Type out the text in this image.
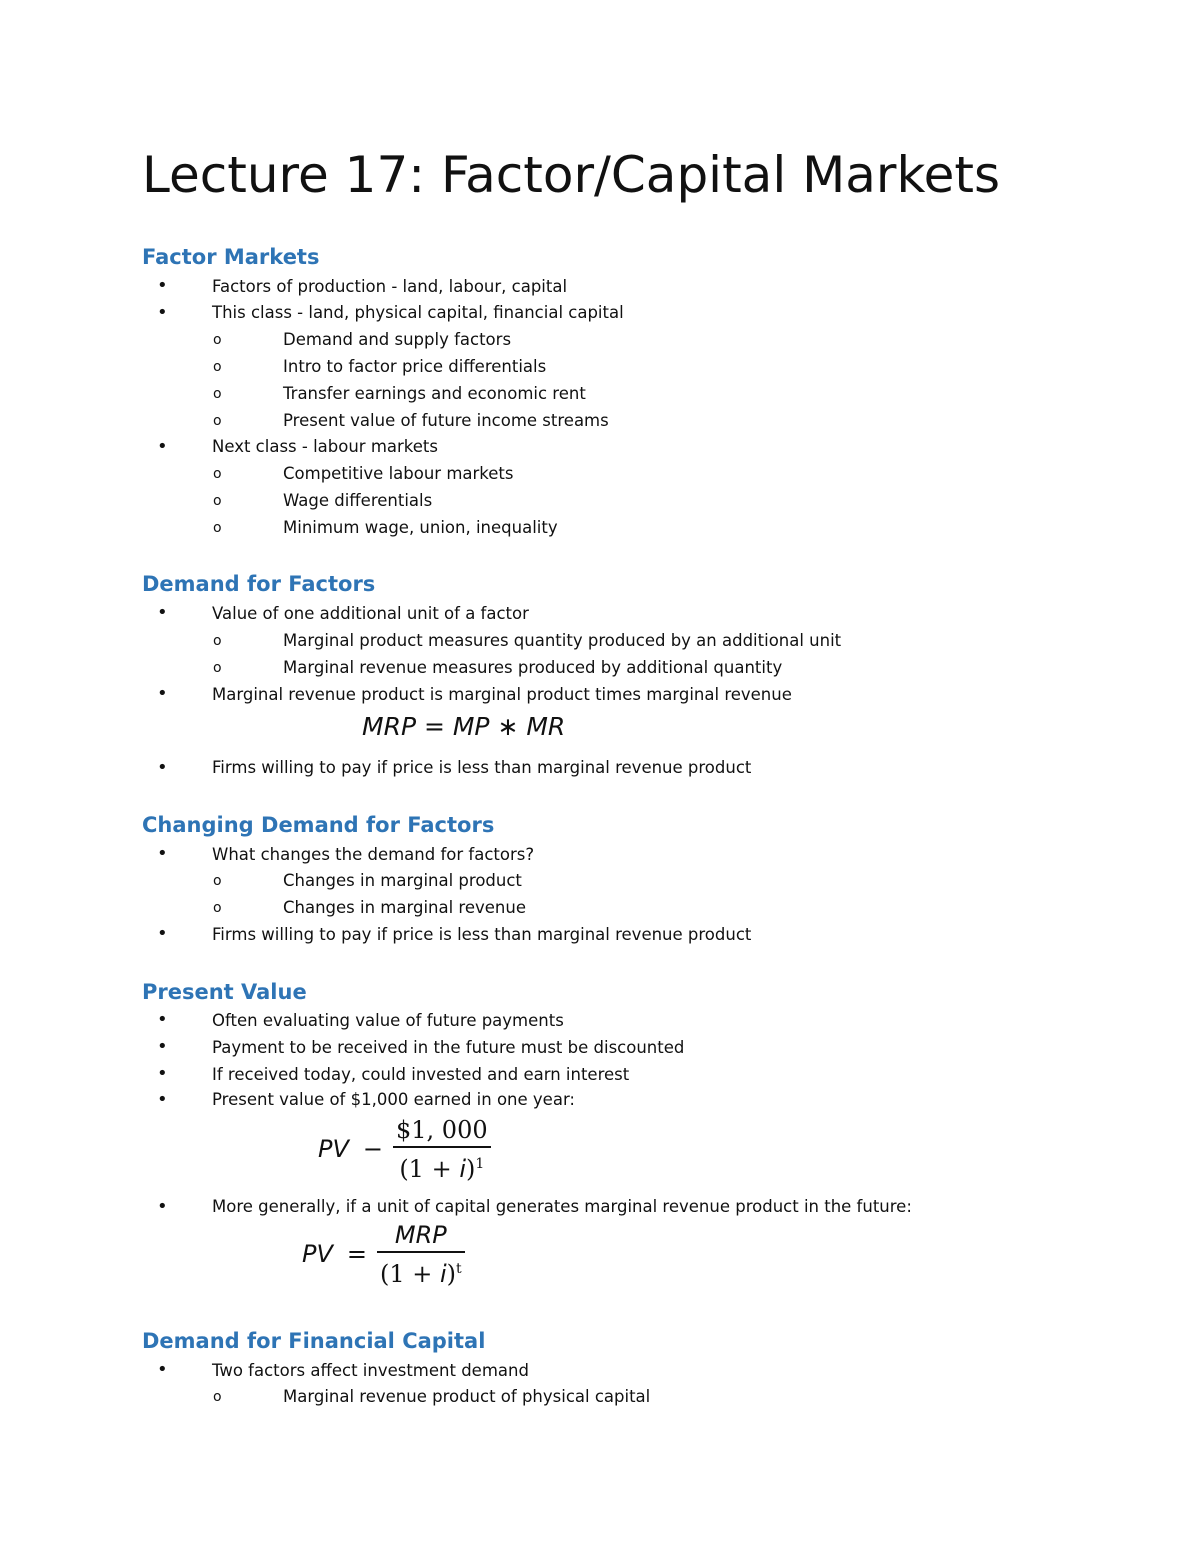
Lecture 17: Factor/Capital Markets
Factor Markets
•	Factors of production - land, labour, capital
•	This class - land, physical capital, financial capital
o	Demand and supply factors
o	Intro to factor price differentials
o	Transfer earnings and economic rent
o	Present value of future income streams
•	Next class - labour markets
o	Competitive labour markets
o	Wage differentials
o	Minimum wage, union, inequality
Demand for Factors
•	Value of one additional unit of a factor
o	Marginal product measures quantity produced by an additional unit
o	Marginal revenue measures produced by additional quantity
•	Marginal revenue product is marginal product times marginal revenue
MRP = MP ∗ MR
•	Firms willing to pay if price is less than marginal revenue product
Changing Demand for Factors
•	What changes the demand for factors?
o	Changes in marginal product
o	Changes in marginal revenue
•	Firms willing to pay if price is less than marginal revenue product
Present Value
•	Often evaluating value of future payments
•	Payment to be received in the future must be discounted
•	If received today, could invested and earn interest
•	Present value of $1,000 earned in one year:
PV − $\frac{\$1, 000}{(1 + i)^1}$
•	More generally, if a unit of capital generates marginal revenue product in the future:
PV = $\frac{\text{MRP}}{(1 + i)^t}$
Demand for Financial Capital
•	Two factors affect investment demand
o	Marginal revenue product of physical capital
